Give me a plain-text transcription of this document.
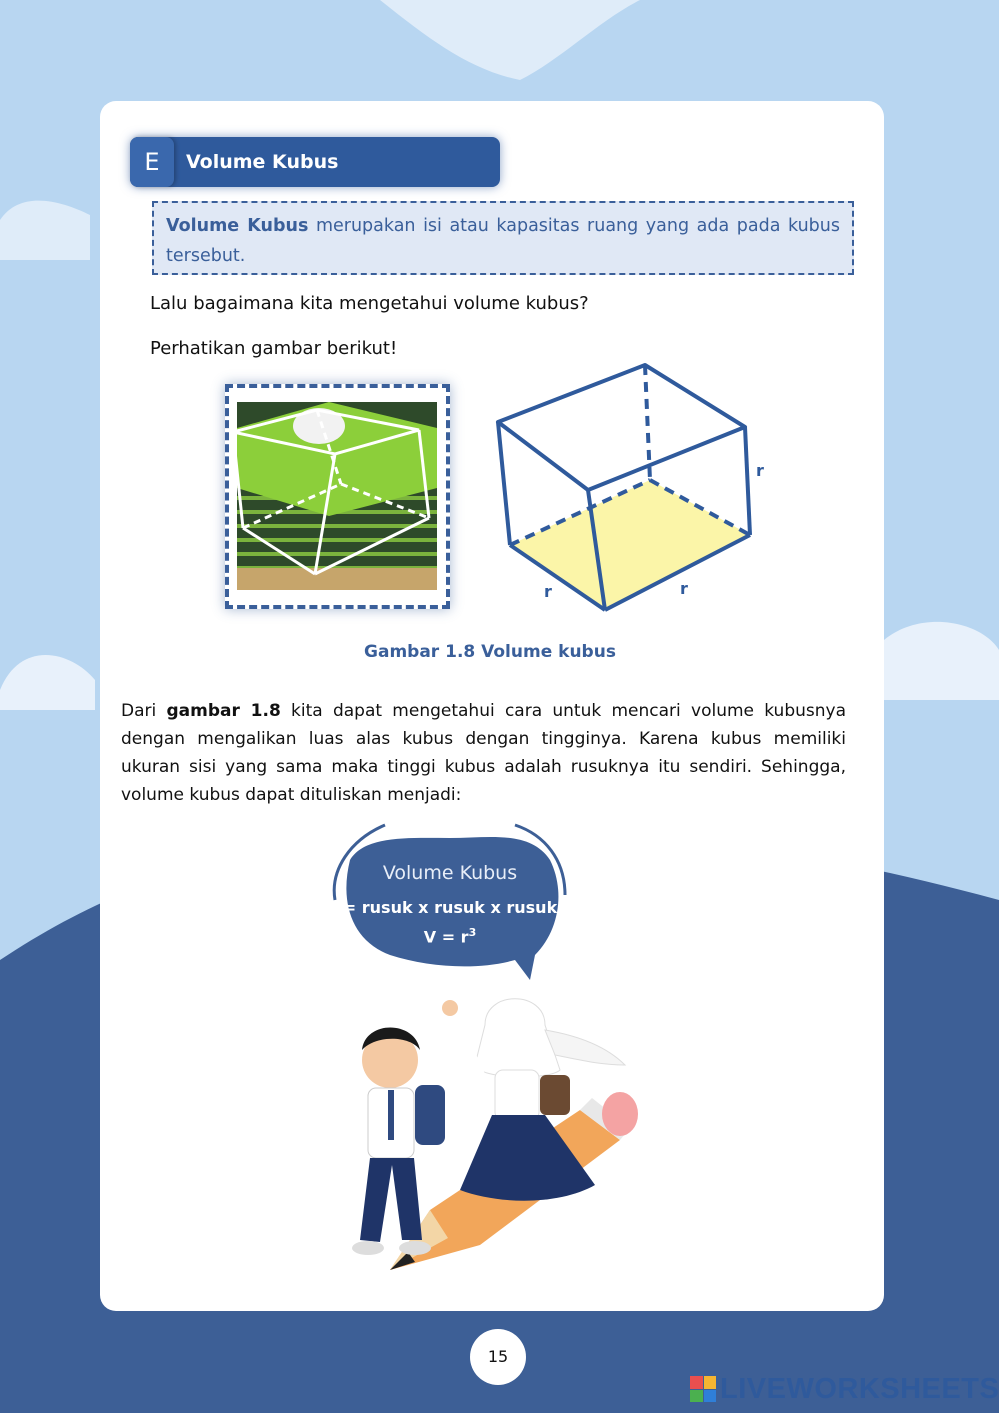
E	Volume Kubus
Volume Kubus merupakan isi atau kapasitas ruang yang ada pada kubus tersebut.
Lalu bagaimana kita mengetahui volume kubus?
Perhatikan gambar berikut!
r
r	r
Gambar 1.8 Volume kubus
Dari gambar 1.8 kita dapat mengetahui cara untuk mencari volume kubusnya dengan mengalikan luas alas kubus dengan tingginya. Karena kubus memiliki ukuran sisi yang sama maka tinggi kubus adalah rusuknya itu sendiri. Sehingga, volume kubus dapat dituliskan menjadi:
Volume Kubus
= rusuk x rusuk x rusuk
$V = r^3$
15
LIVEWORKSHEETS
